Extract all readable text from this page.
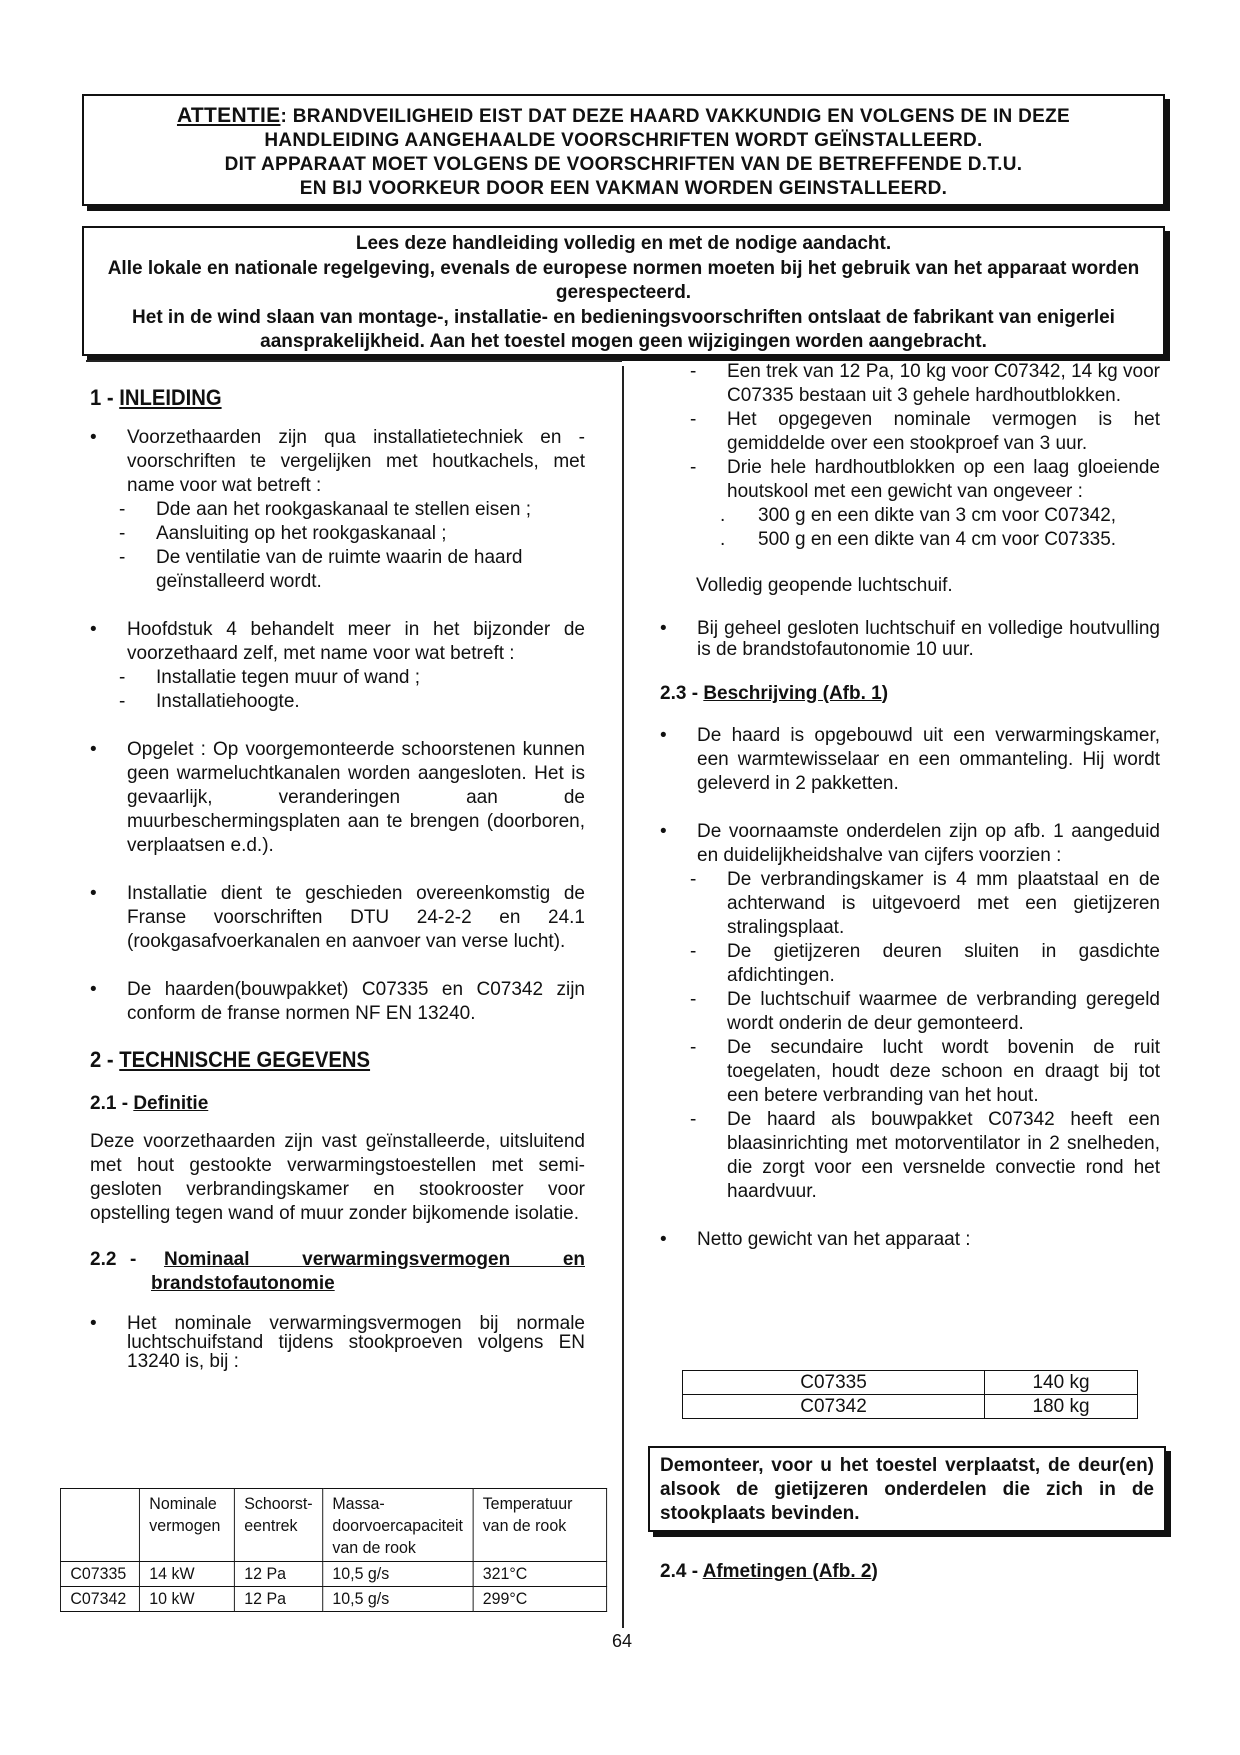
ATTENTIE: BRANDVEILIGHEID EIST DAT DEZE HAARD VAKKUNDIG EN VOLGENS DE IN DEZE
HANDLEIDING AANGEHAALDE VOORSCHRIFTEN WORDT GEÏNSTALLEERD.
DIT APPARAAT MOET VOLGENS DE VOORSCHRIFTEN VAN DE BETREFFENDE D.T.U.
EN BIJ VOORKEUR DOOR EEN VAKMAN WORDEN GEINSTALLEERD.
Lees deze handleiding volledig en met de nodige aandacht.
Alle lokale en nationale regelgeving, evenals de europese normen moeten bij het gebruik van het apparaat worden gerespecteerd.
Het in de wind slaan van montage-, installatie- en bedieningsvoorschriften ontslaat de fabrikant van enigerlei aansprakelijkheid. Aan het toestel mogen geen wijzigingen worden aangebracht.
1 - INLEIDING
• Voorzethaarden zijn qua installatietechniek en -voorschriften te vergelijken met houtkachels, met name voor wat betreft :
- Dde aan het rookgaskanaal te stellen eisen ;
- Aansluiting op het rookgaskanaal ;
- De ventilatie van de ruimte waarin de haard geïnstalleerd wordt.
• Hoofdstuk 4 behandelt meer in het bijzonder de voorzethaard zelf, met name voor wat betreft :
- Installatie tegen muur of wand ;
- Installatiehoogte.
• Opgelet : Op voorgemonteerde schoorstenen kunnen geen warmeluchtkanalen worden aangesloten. Het is gevaarlijk, veranderingen aan de muurbeschermingsplaten aan te brengen (doorboren, verplaatsen e.d.).
• Installatie dient te geschieden overeenkomstig de Franse voorschriften DTU 24-2-2 en 24.1 (rookgasafvoerkanalen en aanvoer van verse lucht).
• De haarden(bouwpakket) C07335 en C07342 zijn conform de franse normen NF EN 13240.
2 - TECHNISCHE GEGEVENS
2.1 - Definitie
Deze voorzethaarden zijn vast geïnstalleerde, uitsluitend met hout gestookte verwarmingstoestellen met semi-gesloten verbrandingskamer en stookrooster voor opstelling tegen wand of muur zonder bijkomende isolatie.
2.2 -	Nominaal verwarmingsvermogen en
brandstofautonomie
• Het nominale verwarmingsvermogen bij normale luchtschuifstand tijdens stookproeven volgens EN 13240 is, bij :
	Nominale vermogen	Schoorst-eentrek	Massa-doorvoercapaciteit van de rook	Temperatuur van de rook
C07335	14 kW	12 Pa	10,5 g/s	321°C
C07342	10 kW	12 Pa	10,5 g/s	299°C
- Een trek van 12 Pa, 10 kg voor C07342, 14 kg voor C07335 bestaan uit 3 gehele hardhoutblokken.
- Het opgegeven nominale vermogen is het gemiddelde over een stookproef van 3 uur.
- Drie hele hardhoutblokken op een laag gloeiende houtskool met een gewicht van ongeveer :
. 300 g en een dikte van 3 cm voor C07342,
. 500 g en een dikte van 4 cm voor C07335.
Volledig geopende luchtschuif.
• Bij geheel gesloten luchtschuif en volledige houtvulling is de brandstofautonomie 10 uur.
2.3 - Beschrijving (Afb. 1)
• De haard is opgebouwd uit een verwarmingskamer, een warmtewisselaar en een ommanteling. Hij wordt geleverd in 2 pakketten.
• De voornaamste onderdelen zijn op afb. 1 aangeduid en duidelijkheidshalve van cijfers voorzien :
- De verbrandingskamer is 4 mm plaatstaal en de achterwand is uitgevoerd met een gietijzeren stralingsplaat.
- De gietijzeren deuren sluiten in gasdichte afdichtingen.
- De luchtschuif waarmee de verbranding geregeld wordt onderin de deur gemonteerd.
- De secundaire lucht wordt bovenin de ruit toegelaten, houdt deze schoon en draagt bij tot een betere verbranding van het hout.
- De haard als bouwpakket C07342 heeft een blaasinrichting met motorventilator in 2 snelheden, die zorgt voor een versnelde convectie rond het haardvuur.
• Netto gewicht van het apparaat :
C07335	140 kg
C07342	180 kg
Demonteer, voor u het toestel verplaatst, de deur(en) alsook de gietijzeren onderdelen die zich in de stookplaats bevinden.
2.4 - Afmetingen (Afb. 2)
64
